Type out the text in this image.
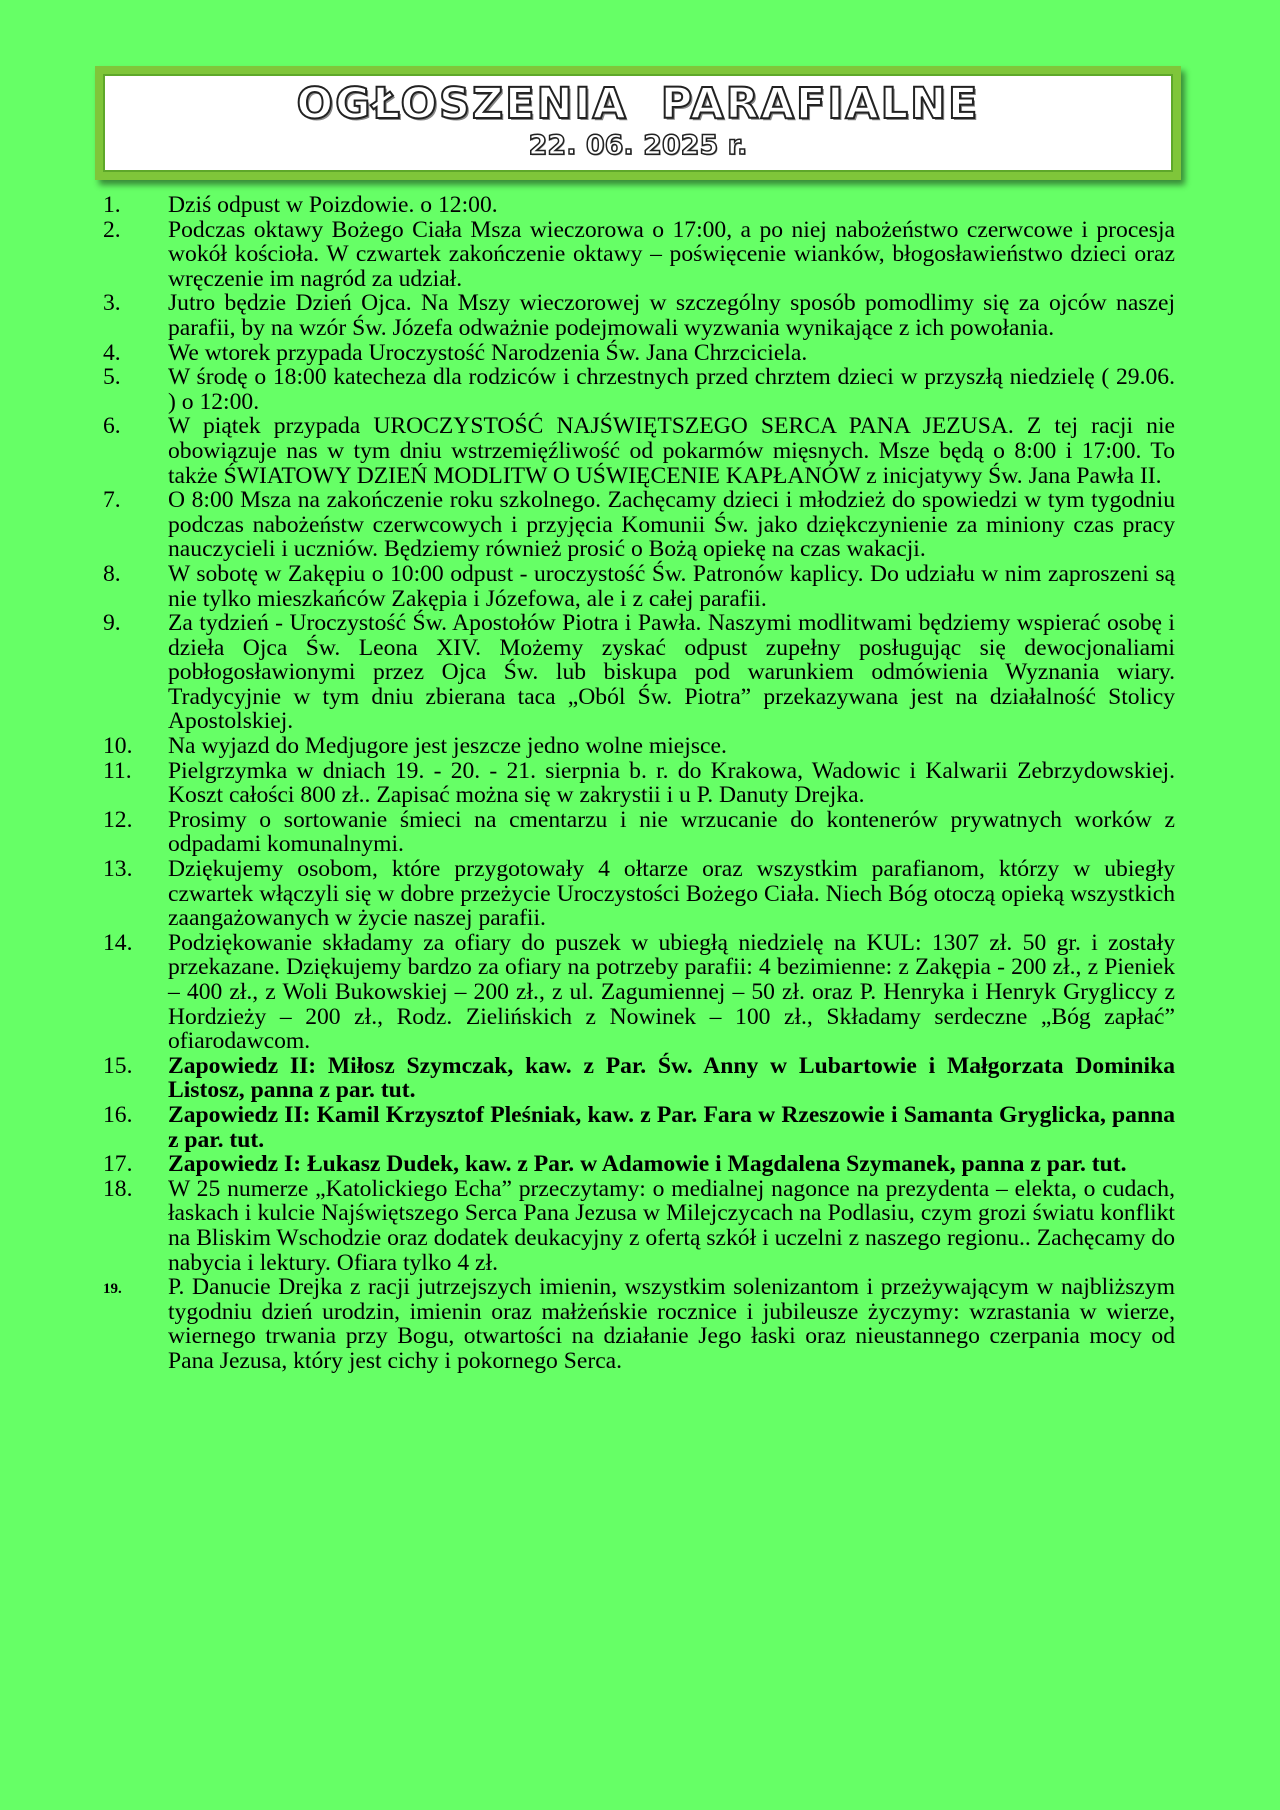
OGŁOSZENIA PARAFIALNE
22. 06. 2025 r.
1.	Dziś odpust w Poizdowie. o 12:00.
2.	Podczas oktawy Bożego Ciała Msza wieczorowa o 17:00, a po niej nabożeństwo czerwcowe i procesja wokół kościoła. W czwartek zakończenie oktawy – poświęcenie wianków, błogosławieństwo dzieci oraz wręczenie im nagród za udział.
3.	Jutro będzie Dzień Ojca. Na Mszy wieczorowej w szczególny sposób pomodlimy się za ojców naszej parafii, by na wzór Św. Józefa odważnie podejmowali wyzwania wynikające z ich powołania.
4.	We wtorek przypada Uroczystość Narodzenia Św. Jana Chrzciciela.
5.	W środę o 18:00 katecheza dla rodziców i chrzestnych przed chrztem dzieci w przyszłą niedzielę ( 29.06. ) o 12:00.
6.	W piątek przypada UROCZYSTOŚĆ NAJŚWIĘTSZEGO SERCA PANA JEZUSA. Z tej racji nie obowiązuje nas w tym dniu wstrzemięźliwość od pokarmów mięsnych. Msze będą o 8:00 i 17:00. To także ŚWIATOWY DZIEŃ MODLITW O UŚWIĘCENIE KAPŁANÓW z inicjatywy Św. Jana Pawła II.
7.	O 8:00 Msza na zakończenie roku szkolnego. Zachęcamy dzieci i młodzież do spowiedzi w tym tygodniu podczas nabożeństw czerwcowych i przyjęcia Komunii Św. jako dziękczynienie za miniony czas pracy nauczycieli i uczniów. Będziemy również prosić o Bożą opiekę na czas wakacji.
8.	W sobotę w Zakępiu o 10:00 odpust - uroczystość Św. Patronów kaplicy. Do udziału w nim zaproszeni są nie tylko mieszkańców Zakępia i Józefowa, ale i z całej parafii.
9.	Za tydzień - Uroczystość Św. Apostołów Piotra i Pawła. Naszymi modlitwami będziemy wspierać osobę i dzieła Ojca Św. Leona XIV. Możemy zyskać odpust zupełny posługując się dewocjonaliami pobłogosławionymi przez Ojca Św. lub biskupa pod warunkiem odmówienia Wyznania wiary. Tradycyjnie w tym dniu zbierana taca „Oból Św. Piotra” przekazywana jest na działalność Stolicy Apostolskiej.
10.	Na wyjazd do Medjugore jest jeszcze jedno wolne miejsce.
11.	Pielgrzymka w dniach 19. - 20. - 21. sierpnia b. r. do Krakowa, Wadowic i Kalwarii Zebrzydowskiej. Koszt całości 800 zł.. Zapisać można się w zakrystii i u P. Danuty Drejka.
12.	Prosimy o sortowanie śmieci na cmentarzu i nie wrzucanie do kontenerów prywatnych worków z odpadami komunalnymi.
13.	Dziękujemy osobom, które przygotowały 4 ołtarze oraz wszystkim parafianom, którzy w ubiegły czwartek włączyli się w dobre przeżycie Uroczystości Bożego Ciała. Niech Bóg otoczą opieką wszystkich zaangażowanych w życie naszej parafii.
14.	Podziękowanie składamy za ofiary do puszek w ubiegłą niedzielę na KUL: 1307 zł. 50 gr. i zostały przekazane. Dziękujemy bardzo za ofiary na potrzeby parafii: 4 bezimienne: z Zakępia - 200 zł., z Pieniek – 400 zł., z Woli Bukowskiej – 200 zł., z ul. Zagumiennej – 50 zł. oraz P. Henryka i Henryk Grygliccy z Hordzieży – 200 zł., Rodz. Zielińskich z Nowinek – 100 zł., Składamy serdeczne „Bóg zapłać” ofiarodawcom.
15.	Zapowiedz II: Miłosz Szymczak, kaw. z Par. Św. Anny w Lubartowie i Małgorzata Dominika Listosz, panna z par. tut.
16.	Zapowiedz II: Kamil Krzysztof Pleśniak, kaw. z Par. Fara w Rzeszowie i Samanta Gryglicka, panna z par. tut.
17.	Zapowiedz I: Łukasz Dudek, kaw. z Par. w Adamowie i Magdalena Szymanek, panna z par. tut.
18.	W 25 numerze „Katolickiego Echa” przeczytamy: o medialnej nagonce na prezydenta – elekta, o cudach, łaskach i kulcie Najświętszego Serca Pana Jezusa w Milejczycach na Podlasiu, czym grozi światu konflikt na Bliskim Wschodzie oraz dodatek deukacyjny z ofertą szkół i uczelni z naszego regionu.. Zachęcamy do nabycia i lektury. Ofiara tylko 4 zł.
19.	P. Danucie Drejka z racji jutrzejszych imienin, wszystkim solenizantom i przeżywającym w najbliższym tygodniu dzień urodzin, imienin oraz małżeńskie rocznice i jubileusze życzymy: wzrastania w wierze, wiernego trwania przy Bogu, otwartości na działanie Jego łaski oraz nieustannego czerpania mocy od Pana Jezusa, który jest cichy i pokornego Serca.
